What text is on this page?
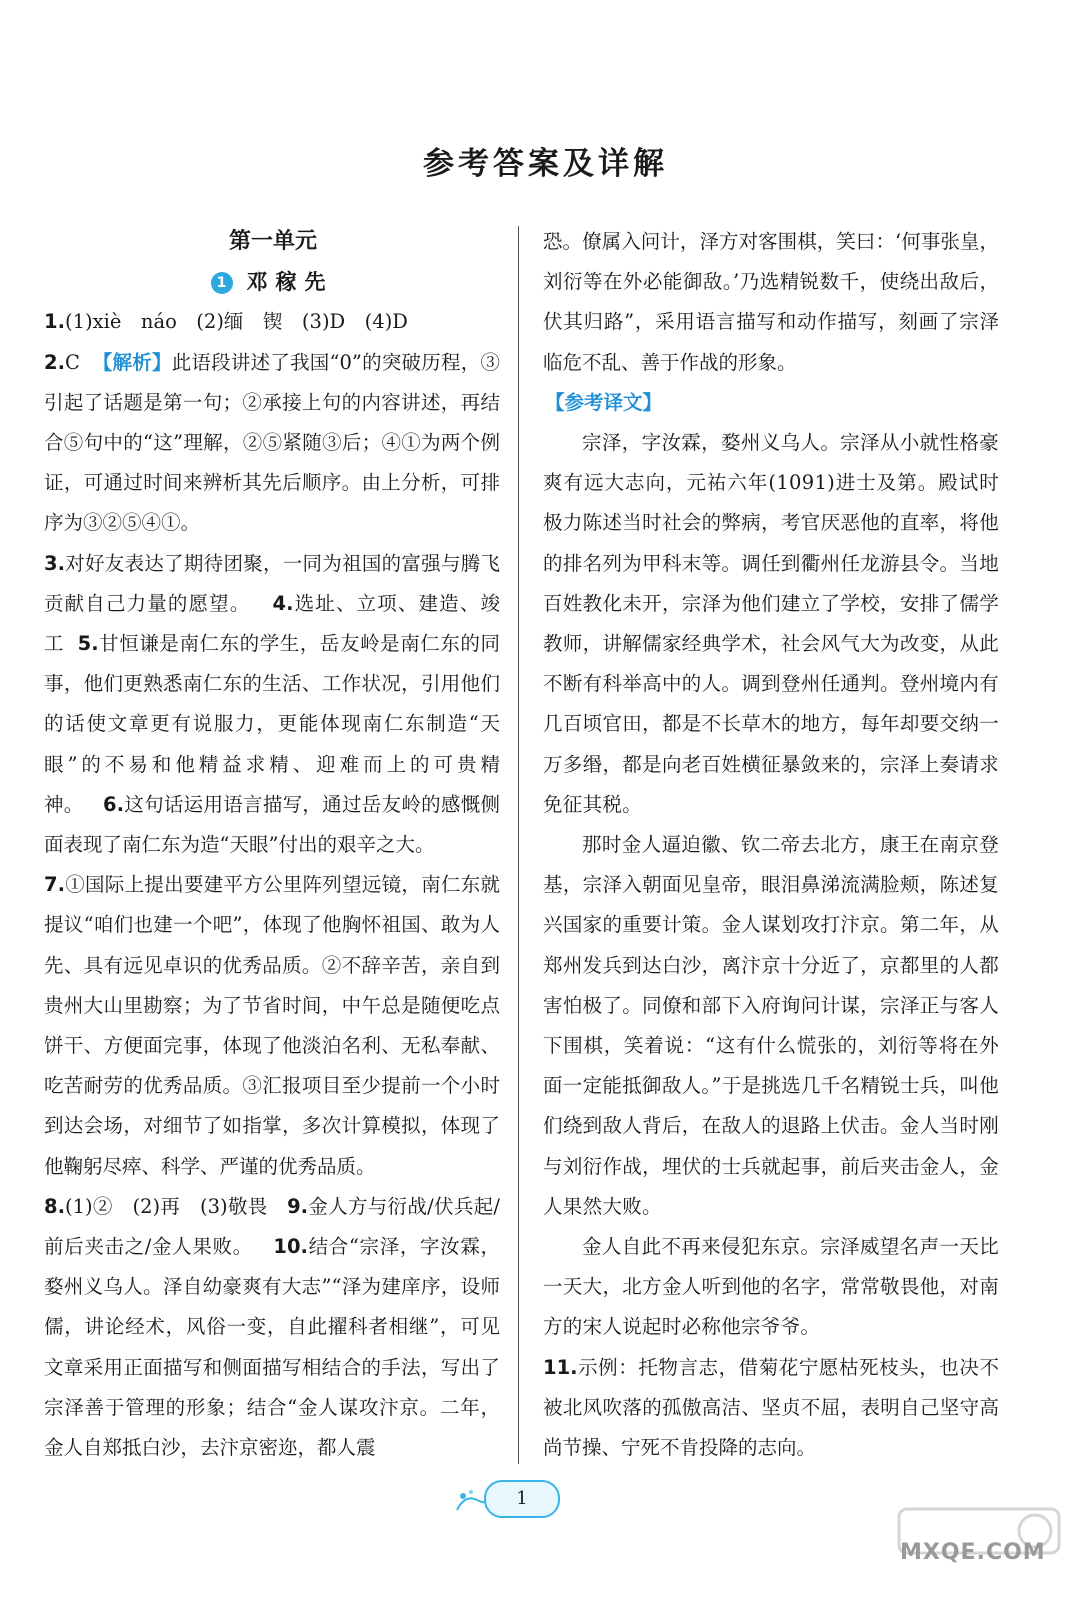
参考答案及详解
第一单元
1 邓稼先
1.(1)xiè　náo　(2)缅　锲　(3)D　(4)D
2.C 【解析】此语段讲述了我国“0”的突破历程，③引起了话题是第一句；②承接上句的内容讲述，再结合⑤句中的“这”理解，②⑤紧随③后；④①为两个例证，可通过时间来辨析其先后顺序。由上分析，可排序为③②⑤④①。
3.对好友表达了期待团聚，一同为祖国的富强与腾飞贡献自己力量的愿望。 4.选址、立项、建造、竣工 5.甘恒谦是南仁东的学生，岳友岭是南仁东的同事，他们更熟悉南仁东的生活、工作状况，引用他们的话使文章更有说服力，更能体现南仁东制造“天眼”的不易和他精益求精、迎难而上的可贵精神。 6.这句话运用语言描写，通过岳友岭的感慨侧面表现了南仁东为造“天眼”付出的艰辛之大。
7.①国际上提出要建平方公里阵列望远镜，南仁东就提议“咱们也建一个吧”，体现了他胸怀祖国、敢为人先、具有远见卓识的优秀品质。②不辞辛苦，亲自到贵州大山里勘察；为了节省时间，中午总是随便吃点饼干、方便面完事，体现了他淡泊名利、无私奉献、吃苦耐劳的优秀品质。③汇报项目至少提前一个小时到达会场，对细节了如指掌，多次计算模拟，体现了他鞠躬尽瘁、科学、严谨的优秀品质。
8.(1)②　(2)再　(3)敬畏 9.金人方与衍战/伏兵起/前后夹击之/金人果败。 10.结合“宗泽，字汝霖，婺州义乌人。泽自幼豪爽有大志”“泽为建庠序，设师儒，讲论经术，风俗一变，自此擢科者相继”，可见文章采用正面描写和侧面描写相结合的手法，写出了宗泽善于管理的形象；结合“金人谋攻汴京。二年，金人自郑抵白沙，去汴京密迩，都人震
恐。僚属入问计，泽方对客围棋，笑曰：‘何事张皇，刘衍等在外必能御敌。’乃选精锐数千，使绕出敌后，伏其归路”，采用语言描写和动作描写，刻画了宗泽临危不乱、善于作战的形象。
【参考译文】
宗泽，字汝霖，婺州义乌人。宗泽从小就性格豪爽有远大志向，元祐六年(1091)进士及第。殿试时极力陈述当时社会的弊病，考官厌恶他的直率，将他的排名列为甲科末等。调任到衢州任龙游县令。当地百姓教化未开，宗泽为他们建立了学校，安排了儒学教师，讲解儒家经典学术，社会风气大为改变，从此不断有科举高中的人。调到登州任通判。登州境内有几百顷官田，都是不长草木的地方，每年却要交纳一万多缗，都是向老百姓横征暴敛来的，宗泽上奏请求免征其税。
那时金人逼迫徽、钦二帝去北方，康王在南京登基，宗泽入朝面见皇帝，眼泪鼻涕流满脸颊，陈述复兴国家的重要计策。金人谋划攻打汴京。第二年，从郑州发兵到达白沙，离汴京十分近了，京都里的人都害怕极了。同僚和部下入府询问计谋，宗泽正与客人下围棋，笑着说：“这有什么慌张的，刘衍等将在外面一定能抵御敌人。”于是挑选几千名精锐士兵，叫他们绕到敌人背后，在敌人的退路上伏击。金人当时刚与刘衍作战，埋伏的士兵就起事，前后夹击金人，金人果然大败。
金人自此不再来侵犯东京。宗泽威望名声一天比一天大，北方金人听到他的名字，常常敬畏他，对南方的宋人说起时必称他宗爷爷。
11.示例：托物言志，借菊花宁愿枯死枝头，也决不被北风吹落的孤傲高洁、坚贞不屈，表明自己坚守高尚节操、宁死不肯投降的志向。
1
MXQE.COM
